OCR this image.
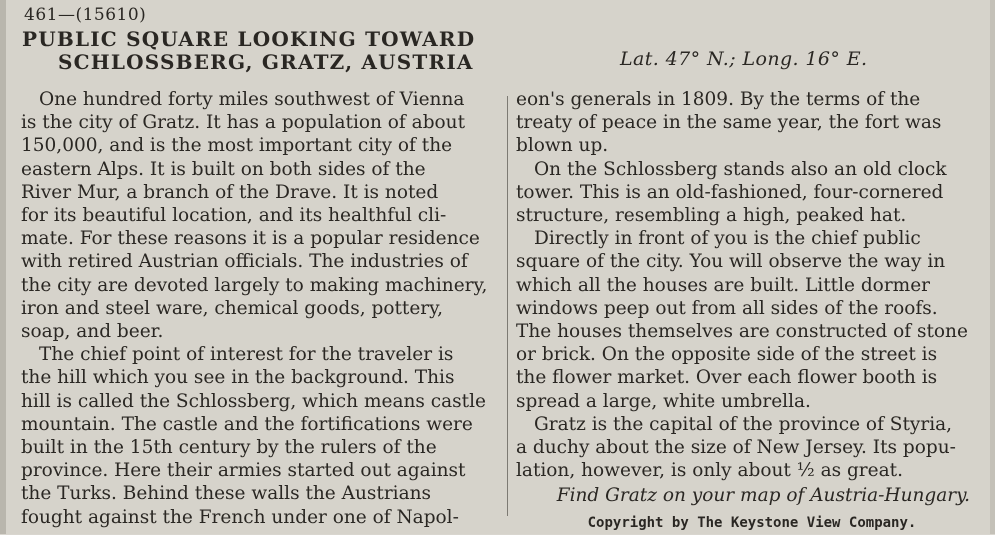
461—(15610)
PUBLIC SQUARE LOOKING TOWARD
SCHLOSSBERG, GRATZ, AUSTRIA	Lat. 47° N.; Long. 16° E.
One hundred forty miles southwest of Vienna
is the city of Gratz. It has a population of about
150,000, and is the most important city of the
eastern Alps. It is built on both sides of the
River Mur, a branch of the Drave. It is noted
for its beautiful location, and its healthful cli-
mate. For these reasons it is a popular residence
with retired Austrian officials. The industries of
the city are devoted largely to making machinery,
iron and steel ware, chemical goods, pottery,
soap, and beer.
The chief point of interest for the traveler is
the hill which you see in the background. This
hill is called the Schlossberg, which means castle
mountain. The castle and the fortifications were
built in the 15th century by the rulers of the
province. Here their armies started out against
the Turks. Behind these walls the Austrians
fought against the French under one of Napol-
eon's generals in 1809. By the terms of the
treaty of peace in the same year, the fort was
blown up.
On the Schlossberg stands also an old clock
tower. This is an old-fashioned, four-cornered
structure, resembling a high, peaked hat.
Directly in front of you is the chief public
square of the city. You will observe the way in
which all the houses are built. Little dormer
windows peep out from all sides of the roofs.
The houses themselves are constructed of stone
or brick. On the opposite side of the street is
the flower market. Over each flower booth is
spread a large, white umbrella.
Gratz is the capital of the province of Styria,
a duchy about the size of New Jersey. Its popu-
lation, however, is only about ½ as great.
Find Gratz on your map of Austria-Hungary.
Copyright by The Keystone View Company.
